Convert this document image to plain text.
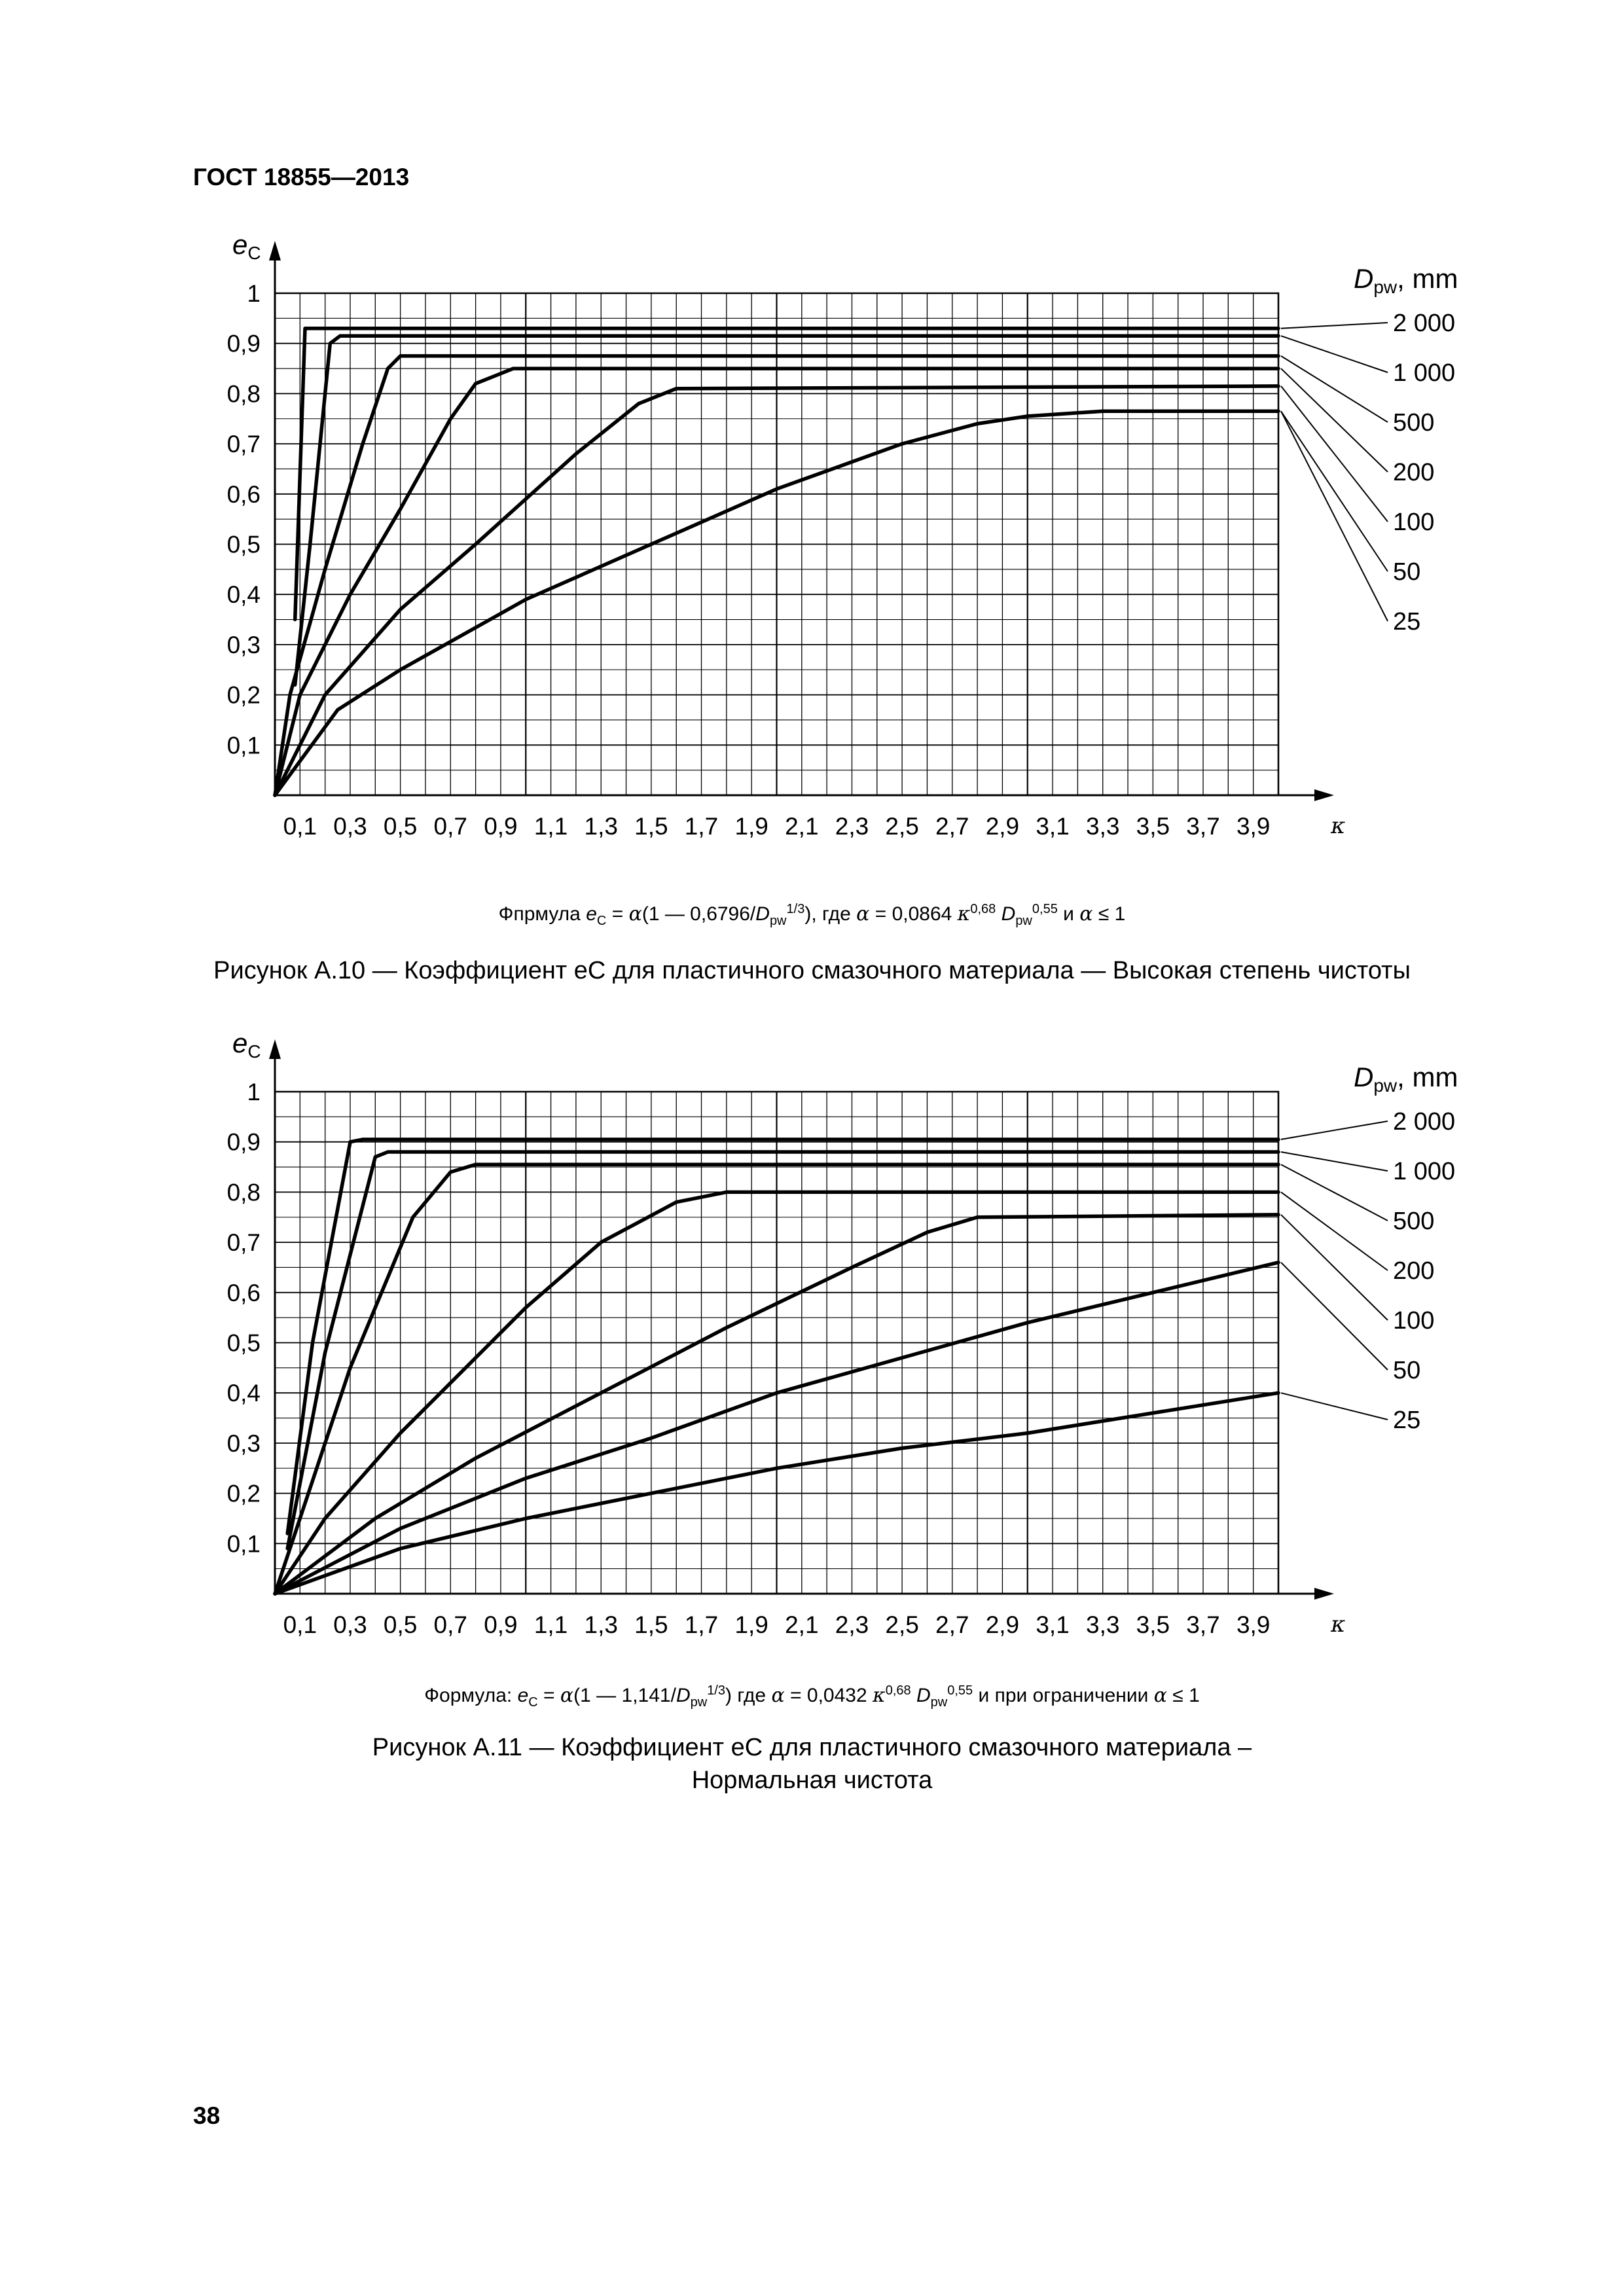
ГОСТ 18855—2013
0,1
0,2
0,3
0,4
0,5
0,6
0,7
0,8
0,9
1
0,1 0,3 0,5 0,7 0,9 1,1 1,3 1,5 1,7 1,9 2,1 2,3 2,5 2,7 2,9 3,1 3,3 3,5 3,7 3,9
eC
κ
Dpw, mm
2 000
1 000
500
200
100
50
25
Фпрмула $e_C = \alpha(1$ — $0,6796/D_{pw}^{1/3}$), где α = 0,0864 $\kappa^{0,68}$ $D_{pw}^{0,55}$ и α ≤ 1
Рисунок А.10 — Коэффициент eC для пластичного смазочного материала — Высокая степень чистоты
0,1
0,2
0,3
0,4
0,5
0,6
0,7
0,8
0,9
1
0,1 0,3 0,5 0,7 0,9 1,1 1,3 1,5 1,7 1,9 2,1 2,3 2,5 2,7 2,9 3,1 3,3 3,5 3,7 3,9
eC
κ
Dpw, mm
2 000
1 000
500
200
100
50
25
Формула: $e_C = \alpha(1$ — $1,141/D_{pw}^{1/3}$) где α = 0,0432 $\kappa^{0,68}$ $D_{pw}^{0,55}$ и при ограничении α ≤ 1
Рисунок А.11 — Коэффициент eC для пластичного смазочного материала –
Нормальная чистота
38
